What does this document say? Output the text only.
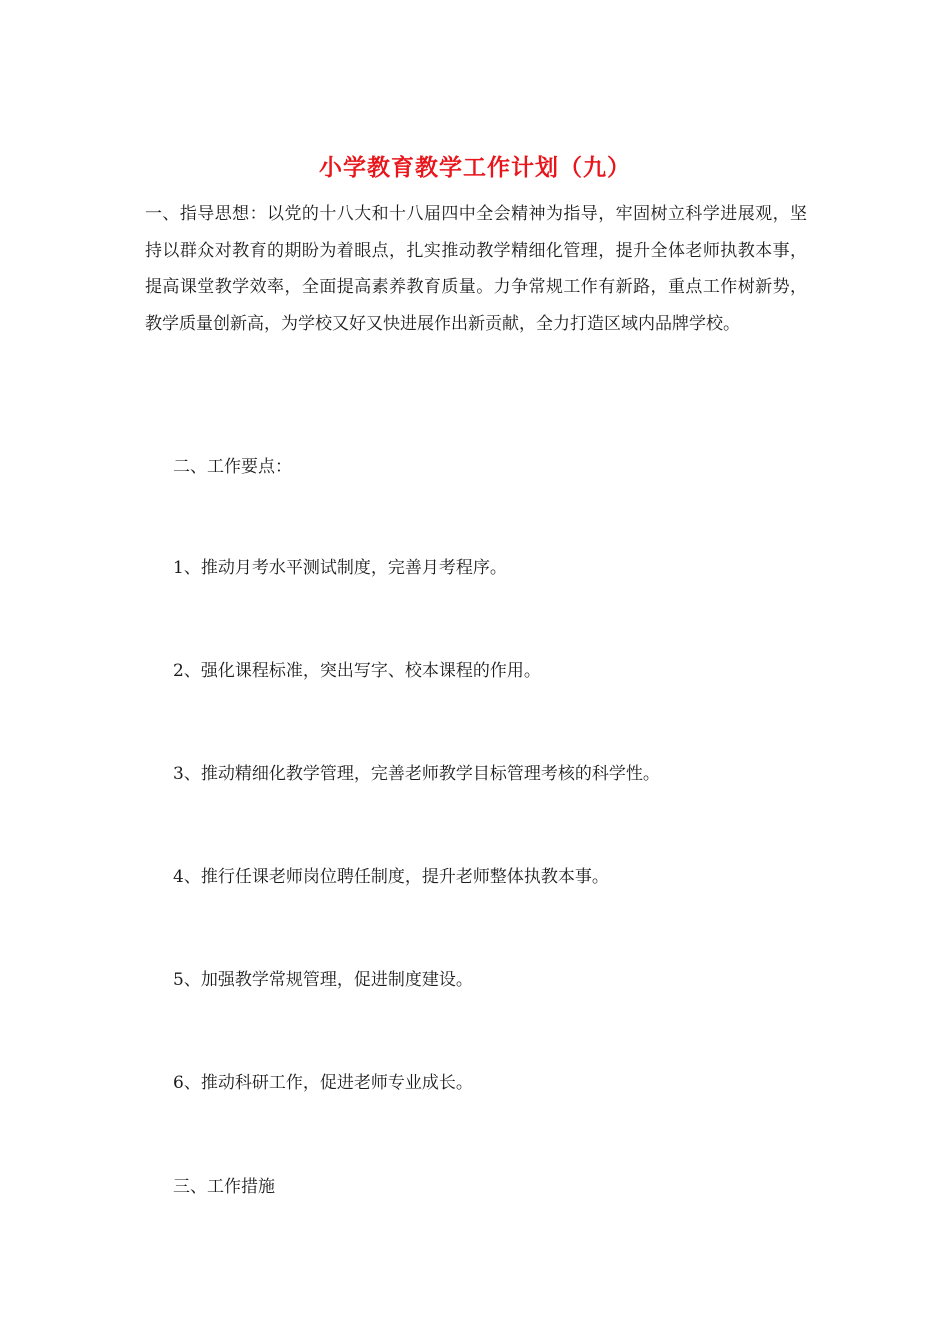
小学教育教学工作计划（九）

一、指导思想：以党的十八大和十八届四中全会精神为指导，牢固树立科学进展观，坚持以群众对教育的期盼为着眼点，扎实推动教学精细化管理，提升全体老师执教本事，提高课堂教学效率，全面提高素养教育质量。力争常规工作有新路，重点工作树新势，教学质量创新高，为学校又好又快进展作出新贡献，全力打造区域内品牌学校。

二、工作要点：

1、推动月考水平测试制度，完善月考程序。

2、强化课程标准，突出写字、校本课程的作用。

3、推动精细化教学管理，完善老师教学目标管理考核的科学性。

4、推行任课老师岗位聘任制度，提升老师整体执教本事。

5、加强教学常规管理，促进制度建设。

6、推动科研工作，促进老师专业成长。

三、工作措施
